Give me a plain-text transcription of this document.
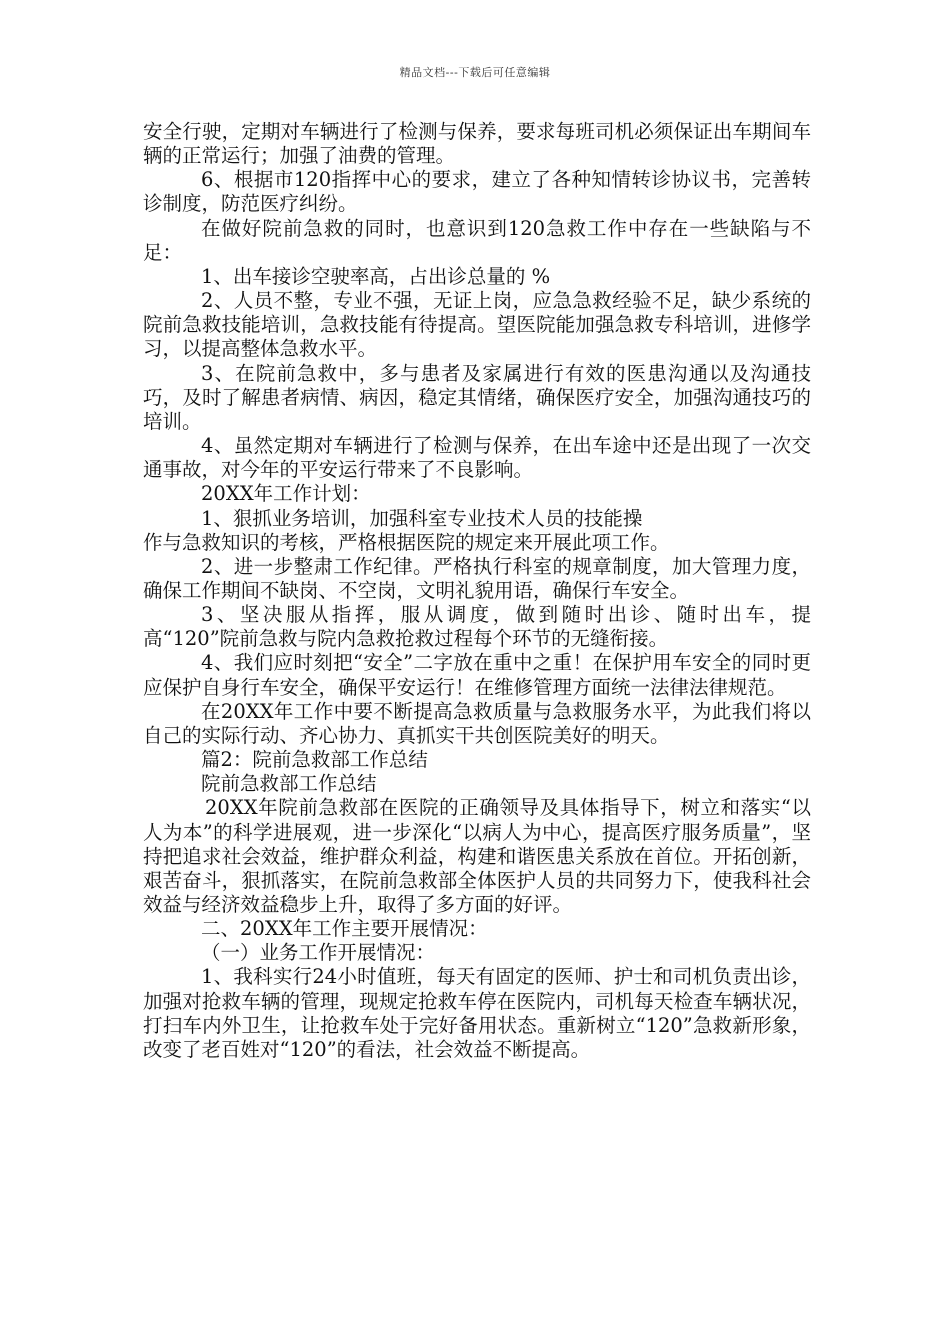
精品文档---下载后可任意编辑

安全行驶，定期对车辆进行了检测与保养，要求每班司机必须保证出车期间车辆的正常运行；加强了油费的管理。

6、根据市120指挥中心的要求，建立了各种知情转诊协议书，完善转诊制度，防范医疗纠纷。

在做好院前急救的同时，也意识到120急救工作中存在一些缺陷与不足：

1、出车接诊空驶率高，占出诊总量的 %

2、人员不整，专业不强，无证上岗，应急急救经验不足，缺少系统的院前急救技能培训，急救技能有待提高。望医院能加强急救专科培训，进修学习，以提高整体急救水平。

3、在院前急救中，多与患者及家属进行有效的医患沟通以及沟通技巧，及时了解患者病情、病因，稳定其情绪，确保医疗安全，加强沟通技巧的培训。

4、虽然定期对车辆进行了检测与保养，在出车途中还是出现了一次交通事故，对今年的平安运行带来了不良影响。

20XX年工作计划：

1、狠抓业务培训，加强科室专业技术人员的技能操

作与急救知识的考核，严格根据医院的规定来开展此项工作。

2、进一步整肃工作纪律。严格执行科室的规章制度，加大管理力度，确保工作期间不缺岗、不空岗，文明礼貌用语，确保行车安全。

3、坚决服从指挥，服从调度，做到随时出诊、随时出车，提高“120”院前急救与院内急救抢救过程每个环节的无缝衔接。

4、我们应时刻把“安全”二字放在重中之重！在保护用车安全的同时更应保护自身行车安全，确保平安运行！在维修管理方面统一法律法律规范。

在20XX年工作中要不断提高急救质量与急救服务水平，为此我们将以自己的实际行动、齐心协力、真抓实干共创医院美好的明天。

篇2：院前急救部工作总结

院前急救部工作总结

20XX年院前急救部在医院的正确领导及具体指导下，树立和落实“以人为本”的科学进展观，进一步深化“以病人为中心，提高医疗服务质量”，坚持把追求社会效益，维护群众利益，构建和谐医患关系放在首位。开拓创新，艰苦奋斗，狠抓落实，在院前急救部全体医护人员的共同努力下，使我科社会效益与经济效益稳步上升，取得了多方面的好评。

二、20XX年工作主要开展情况：

（一）业务工作开展情况：

1、我科实行24小时值班，每天有固定的医师、护士和司机负责出诊，加强对抢救车辆的管理，现规定抢救车停在医院内，司机每天检查车辆状况，打扫车内外卫生，让抢救车处于完好备用状态。重新树立“120”急救新形象，改变了老百姓对“120”的看法，社会效益不断提高。
